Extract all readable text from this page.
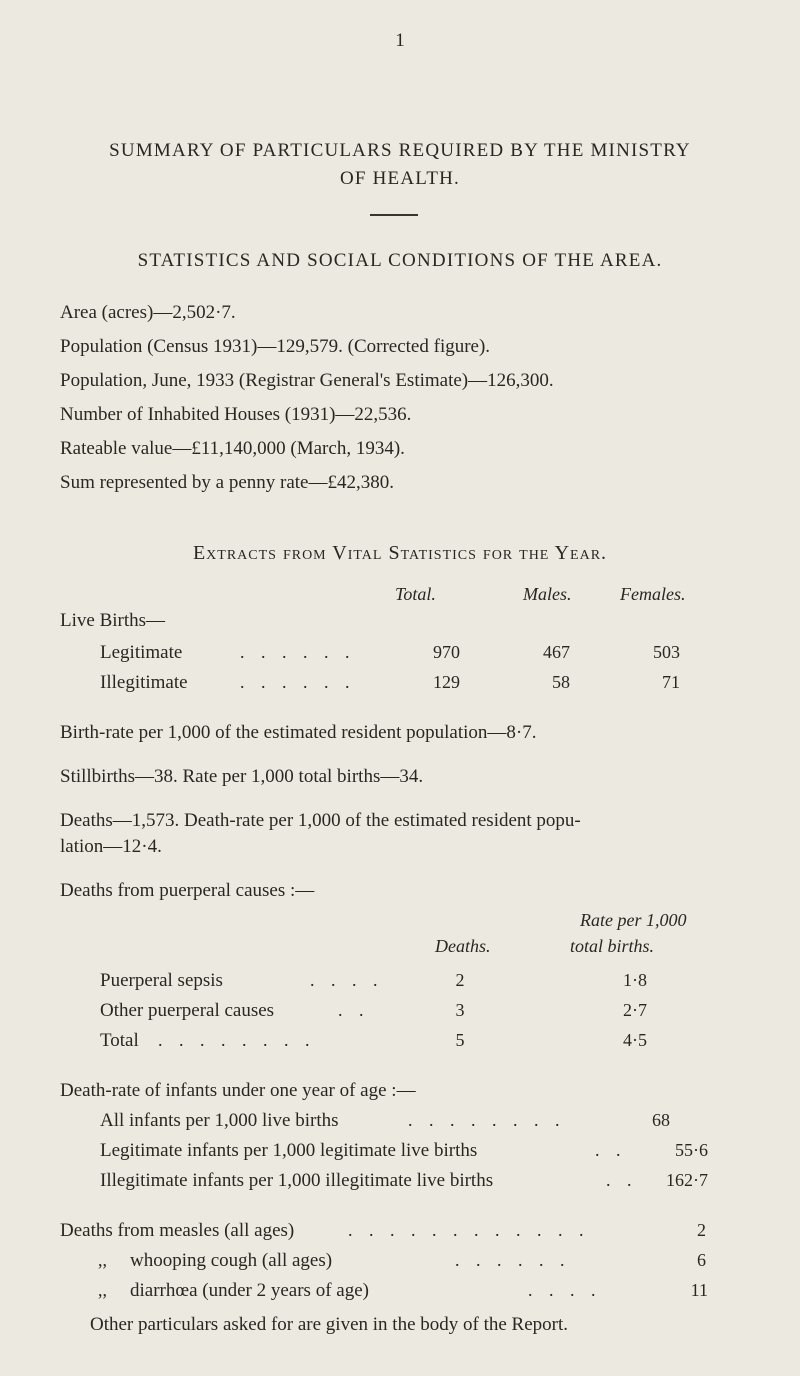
1
SUMMARY OF PARTICULARS REQUIRED BY THE MINISTRY
OF HEALTH.
STATISTICS AND SOCIAL CONDITIONS OF THE AREA.
Area (acres)—2,502·7.
Population (Census 1931)—129,579. (Corrected figure).
Population, June, 1933 (Registrar General's Estimate)—126,300.
Number of Inhabited Houses (1931)—22,536.
Rateable value—£11,140,000 (March, 1934).
Sum represented by a penny rate—£42,380.
Extracts from Vital Statistics for the Year.
Total.	Males.	Females.
Live Births—
Legitimate	. . . . . .	970	467	503
Illegitimate	. . . . . .	129	58	71
Birth-rate per 1,000 of the estimated resident population—8·7.
Stillbirths—38. Rate per 1,000 total births—34.
Deaths—1,573. Death-rate per 1,000 of the estimated resident popu-
lation—12·4.
Deaths from puerperal causes :—
Rate per 1,000
Deaths.	total births.
Puerperal sepsis	. . . .	2	1·8
Other puerperal causes	. .	3	2·7
Total . . . . . . . .	5	4·5
Death-rate of infants under one year of age :—
All infants per 1,000 live births	. . . . . . . .	68
Legitimate infants per 1,000 legitimate live births	. .	55·6
Illegitimate infants per 1,000 illegitimate live births	. .	162·7
Deaths from measles (all ages)	. . . . . . . . . . . .	2
,, whooping cough (all ages)	. . . . . .	6
,, diarrhœa (under 2 years of age)	. . . .	11
Other particulars asked for are given in the body of the Report.
